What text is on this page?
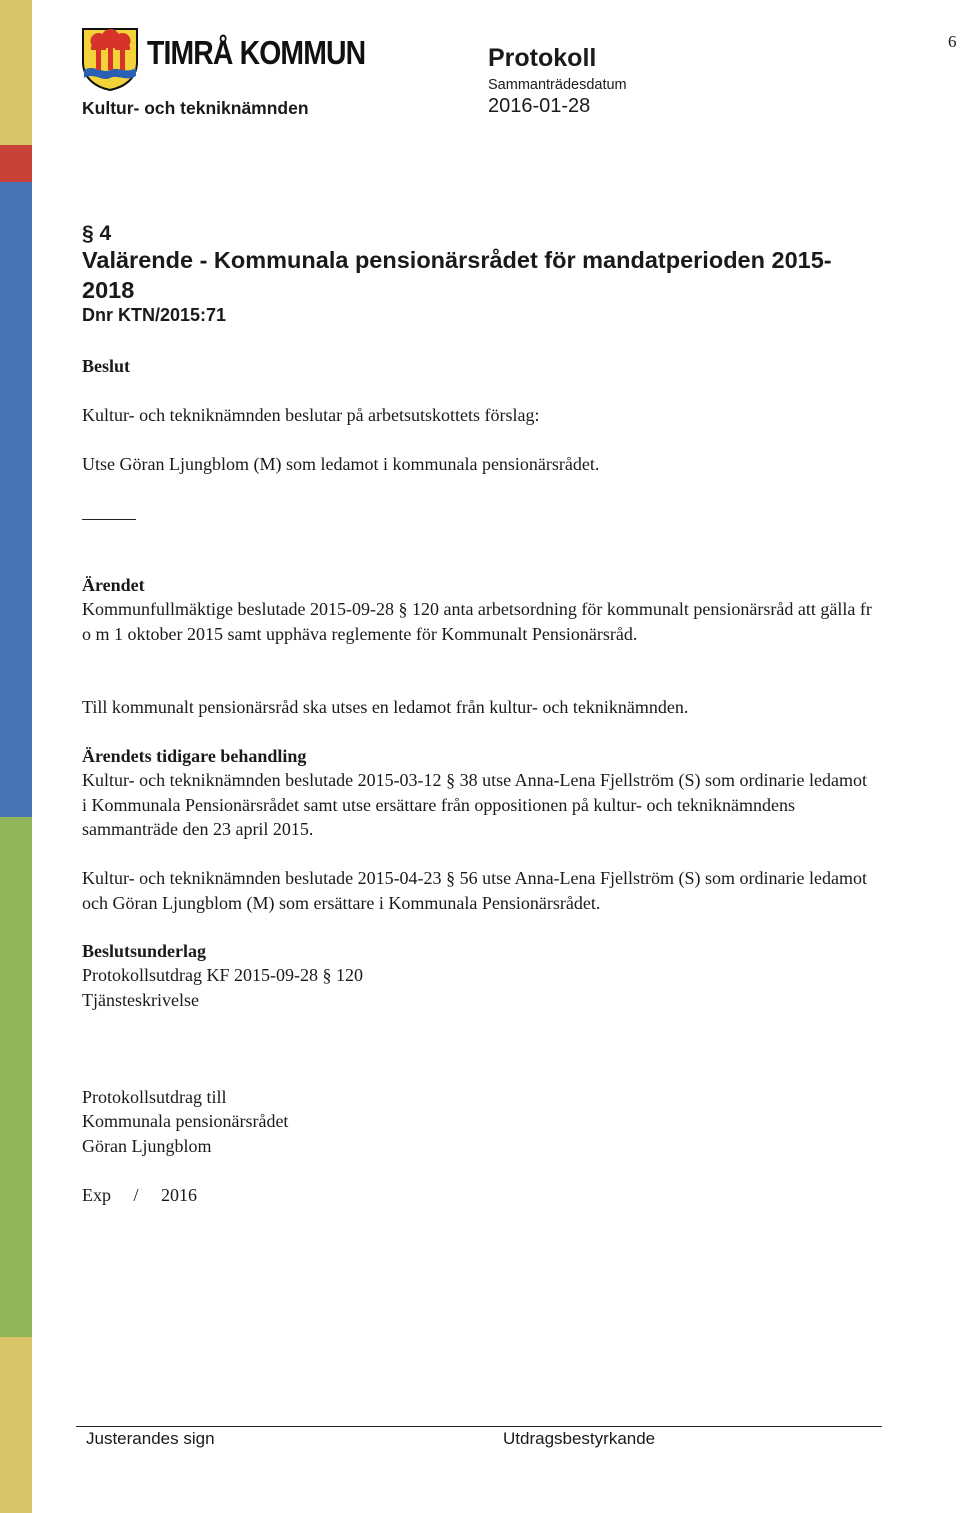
TIMRÅ KOMMUN
Kultur- och tekniknämnden
Protokoll
Sammanträdesdatum
2016-01-28
6
§ 4
Valärende - Kommunala pensionärsrådet för mandatperioden 2015-2018
Dnr KTN/2015:71
Beslut
Kultur- och tekniknämnden beslutar på arbetsutskottets förslag:
Utse Göran Ljungblom (M) som ledamot i kommunala pensionärsrådet.
Ärendet
Kommunfullmäktige beslutade 2015-09-28 § 120 anta arbetsordning för kommunalt pensionärsråd att gälla fr o m 1 oktober 2015 samt upphäva reglemente för Kommunalt Pensionärsråd.
Till kommunalt pensionärsråd ska utses en ledamot från kultur- och tekniknämnden.
Ärendets tidigare behandling
Kultur- och tekniknämnden beslutade 2015-03-12 § 38 utse Anna-Lena Fjellström (S) som ordinarie ledamot i Kommunala Pensionärsrådet samt utse ersättare från oppositionen på kultur- och tekniknämndens sammanträde den 23 april 2015.
Kultur- och tekniknämnden beslutade 2015-04-23 § 56 utse Anna-Lena Fjellström (S) som ordinarie ledamot och Göran Ljungblom (M) som ersättare i Kommunala Pensionärsrådet.
Beslutsunderlag
Protokollsutdrag KF 2015-09-28 § 120
Tjänsteskrivelse
Protokollsutdrag till
Kommunala pensionärsrådet
Göran Ljungblom
Exp     /     2016
Justerandes sign	Utdragsbestyrkande
